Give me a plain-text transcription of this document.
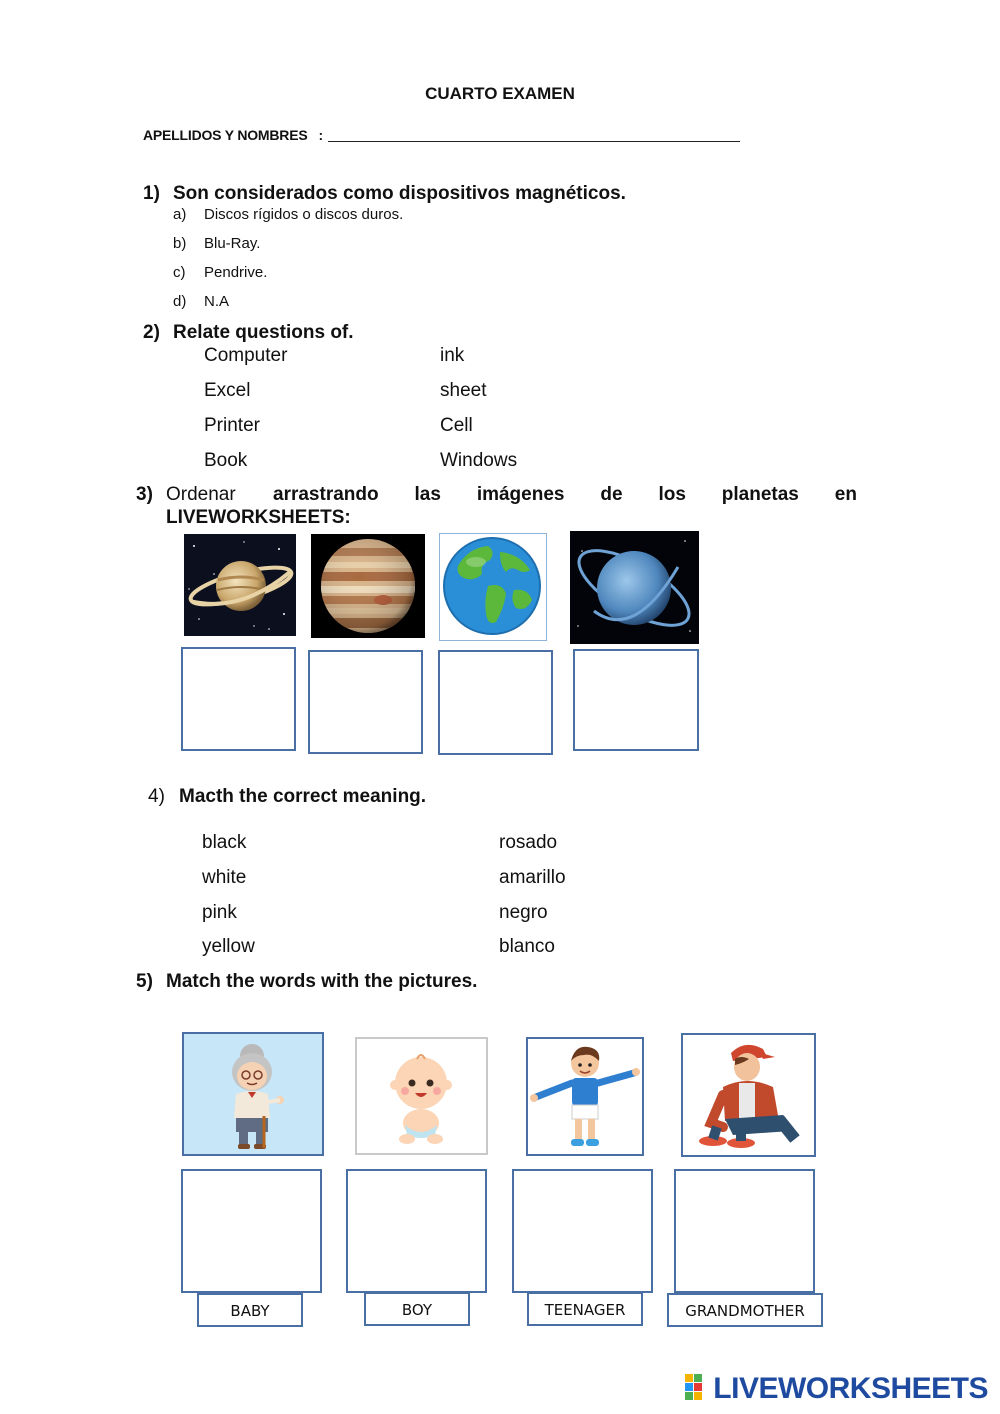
CUARTO EXAMEN
APELLIDOS Y NOMBRES   :
1) Son considerados como dispositivos magnéticos.
a) Discos rígidos o discos duros.
b) Blu-Ray.
c) Pendrive.
d) N.A
2) Relate questions of.
Computer	ink
Excel	sheet
Printer	Cell
Book	Windows
3) Ordenar arrastrando las imágenes de los planetas en
LIVEWORKSHEETS:
4) Macth the correct meaning.
black	rosado
white	amarillo
pink	negro
yellow	blanco
5) Match the words with the pictures.
BABY	BOY	TEENAGER	GRANDMOTHER
LIVEWORKSHEETS
